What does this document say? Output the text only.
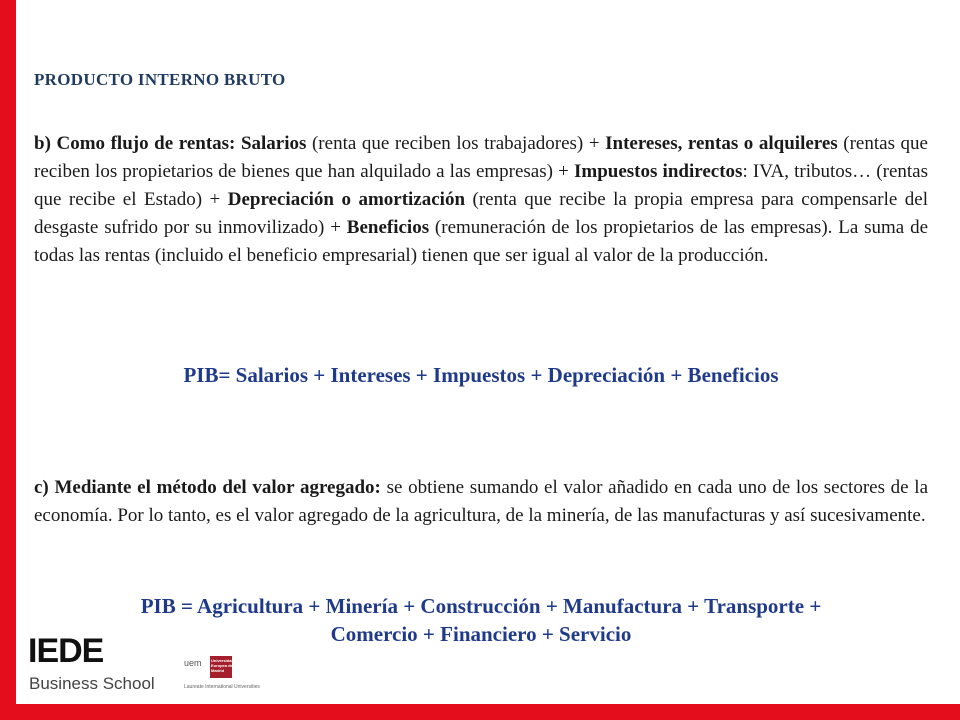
PRODUCTO INTERNO BRUTO

b) Como flujo de rentas: Salarios (renta que reciben los trabajadores) + Intereses, rentas o alquileres (rentas que reciben los propietarios de bienes que han alquilado a las empresas) + Impuestos indirectos: IVA, tributos… (rentas que recibe el Estado) + Depreciación o amortización (renta que recibe la propia empresa para compensarle del desgaste sufrido por su inmovilizado) + Beneficios (remuneración de los propietarios de las empresas). La suma de todas las rentas (incluido el beneficio empresarial) tienen que ser igual al valor de la producción.

PIB= Salarios + Intereses + Impuestos + Depreciación + Beneficios

c) Mediante el método del valor agregado: se obtiene sumando el valor añadido en cada uno de los sectores de la economía. Por lo tanto, es el valor agregado de la agricultura, de la minería, de las manufacturas y así sucesivamente.

PIB = Agricultura + Minería + Construcción + Manufactura + Transporte +
Comercio + Financiero + Servicio

IEDE
Business School
uem Universidad Europea de Madrid
Laureate International Universities
